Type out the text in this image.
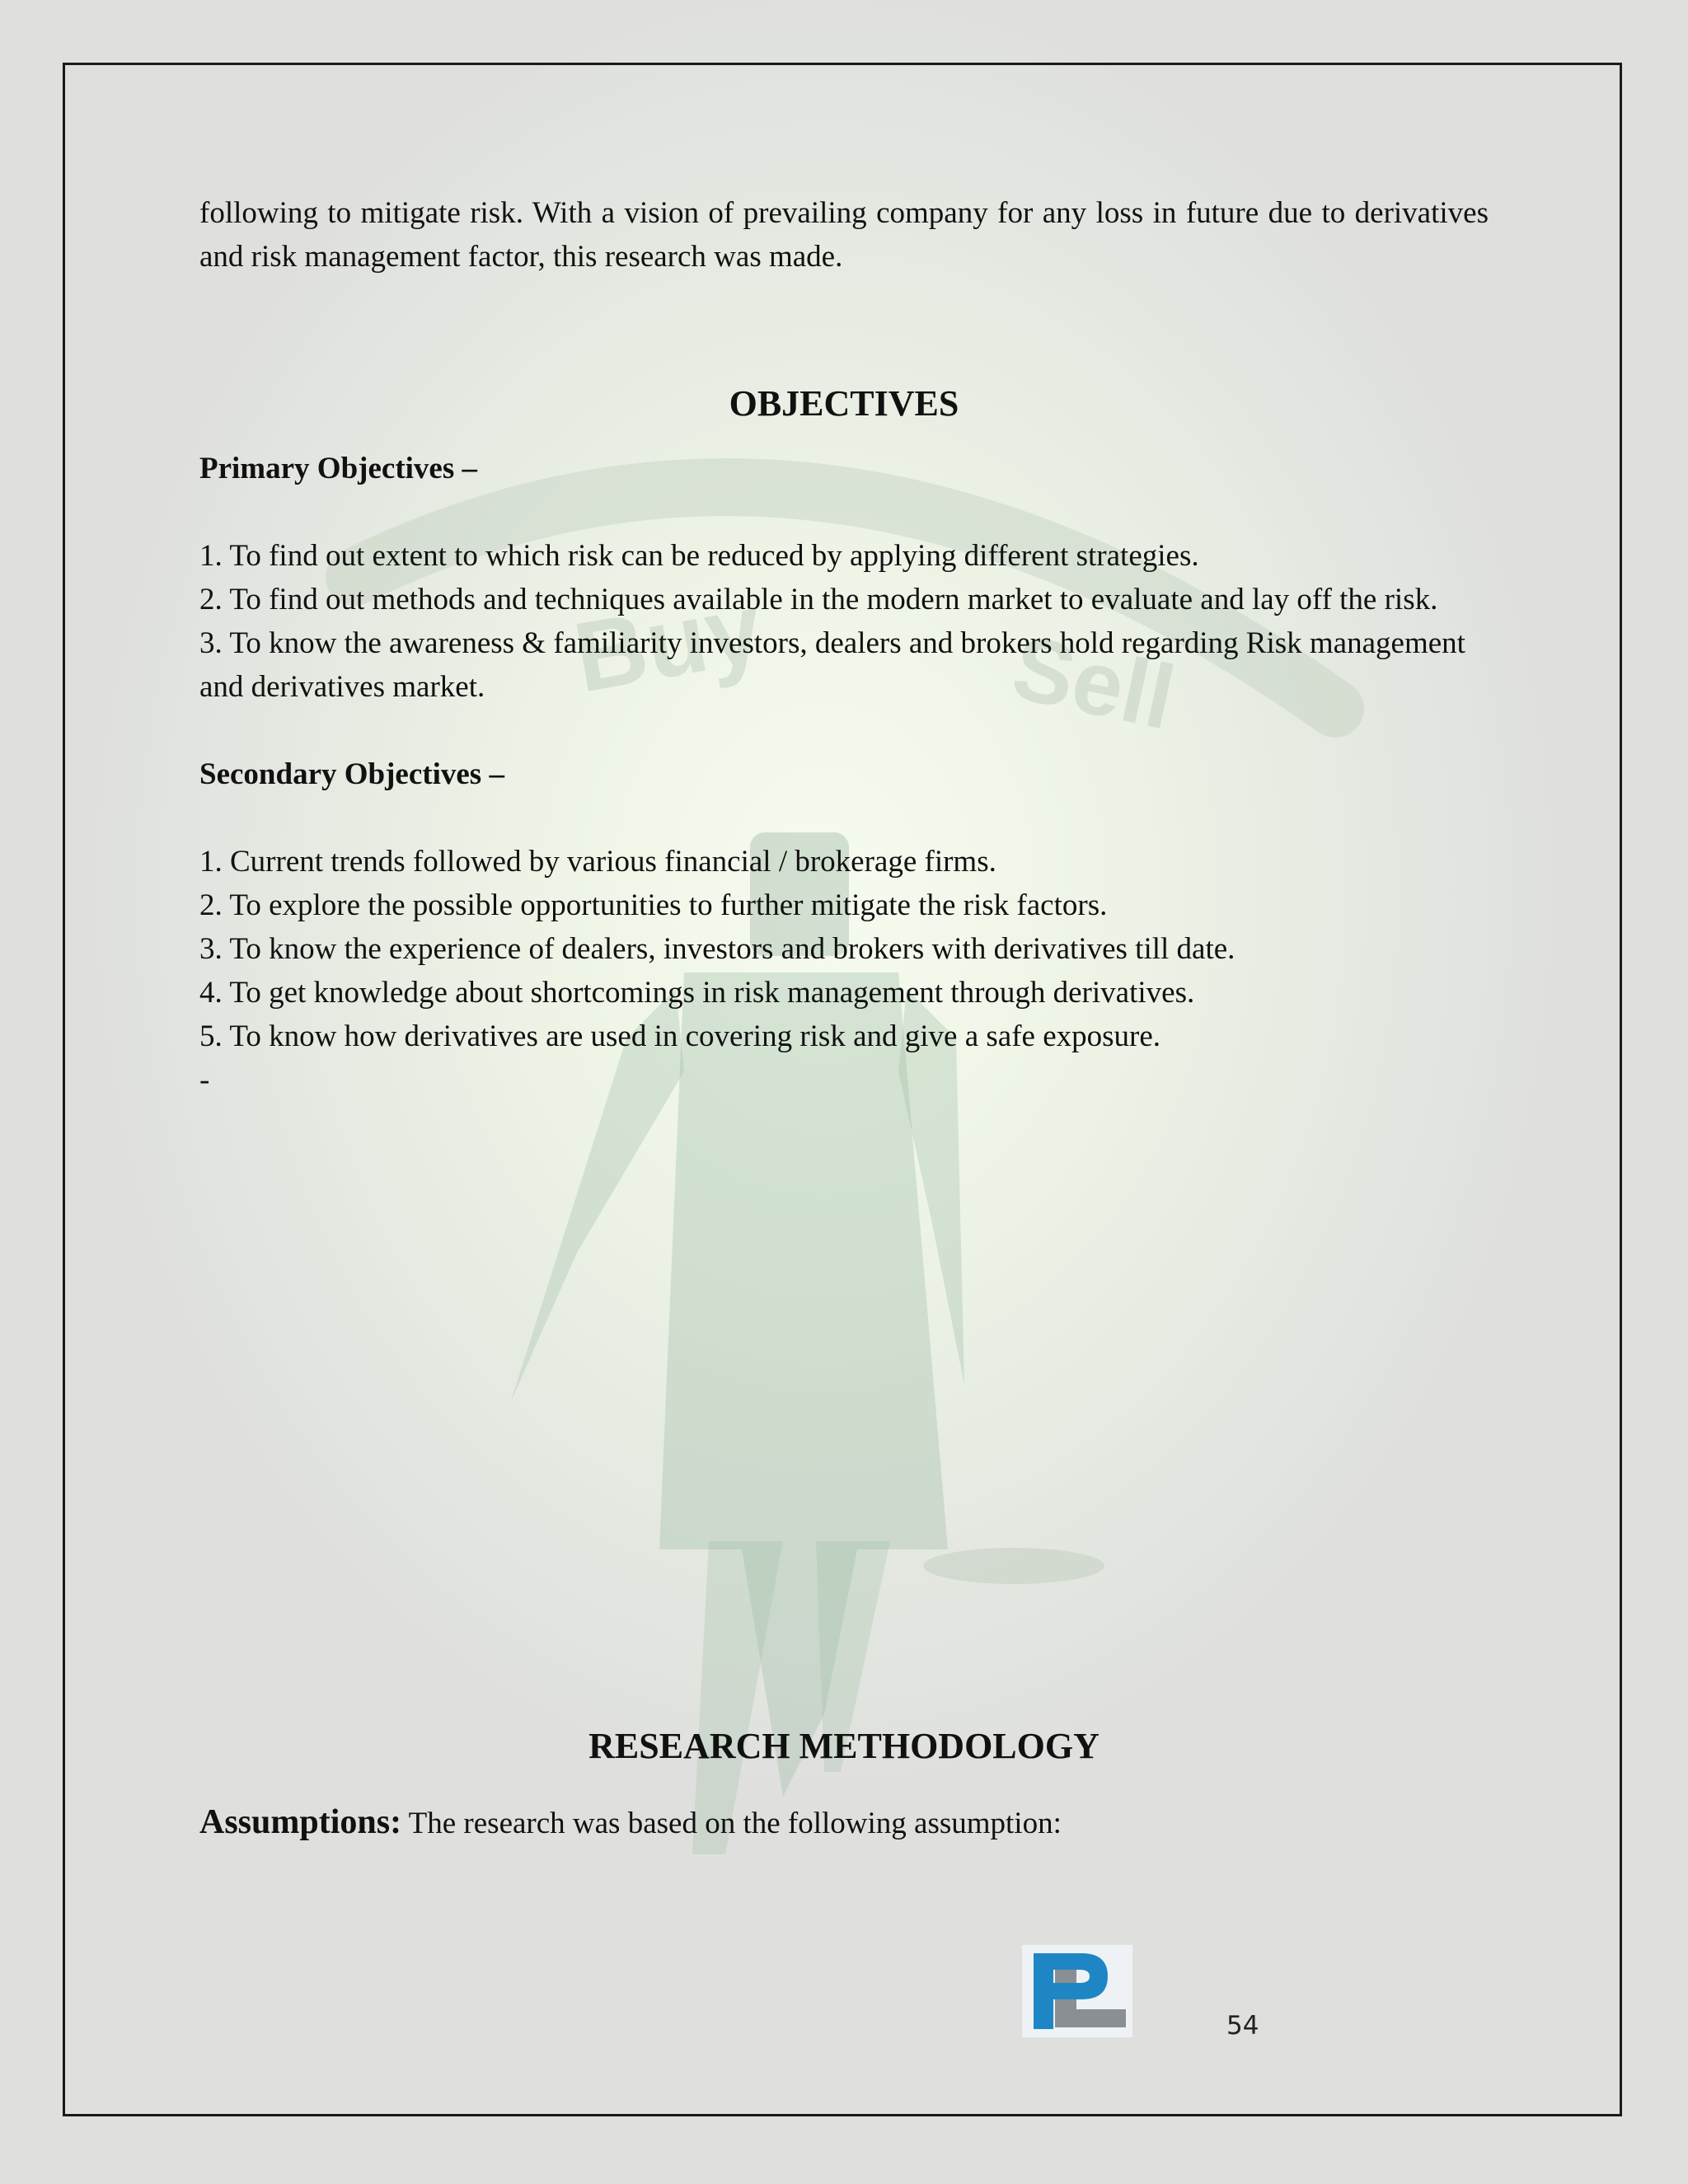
Buy	Sell

following to mitigate risk. With a vision of prevailing company for any loss in future due to derivatives and risk management factor, this research was made.

OBJECTIVES

Primary Objectives –

1. To find out extent to which risk can be reduced by applying different strategies.

2. To find out methods and techniques available in the modern market to evaluate and lay off the risk.

3. To know the awareness & familiarity investors, dealers and brokers hold regarding Risk management and derivatives market.

Secondary Objectives –

1. Current trends followed by various financial / brokerage firms.

2. To explore the possible opportunities to further mitigate the risk factors.

3. To know the experience of dealers, investors and brokers with derivatives till date.

4. To get knowledge about shortcomings in risk management through derivatives.

5. To know how derivatives are used in covering risk and give a safe exposure.

-

RESEARCH METHODOLOGY

Assumptions: The research was based on the following assumption:

54
